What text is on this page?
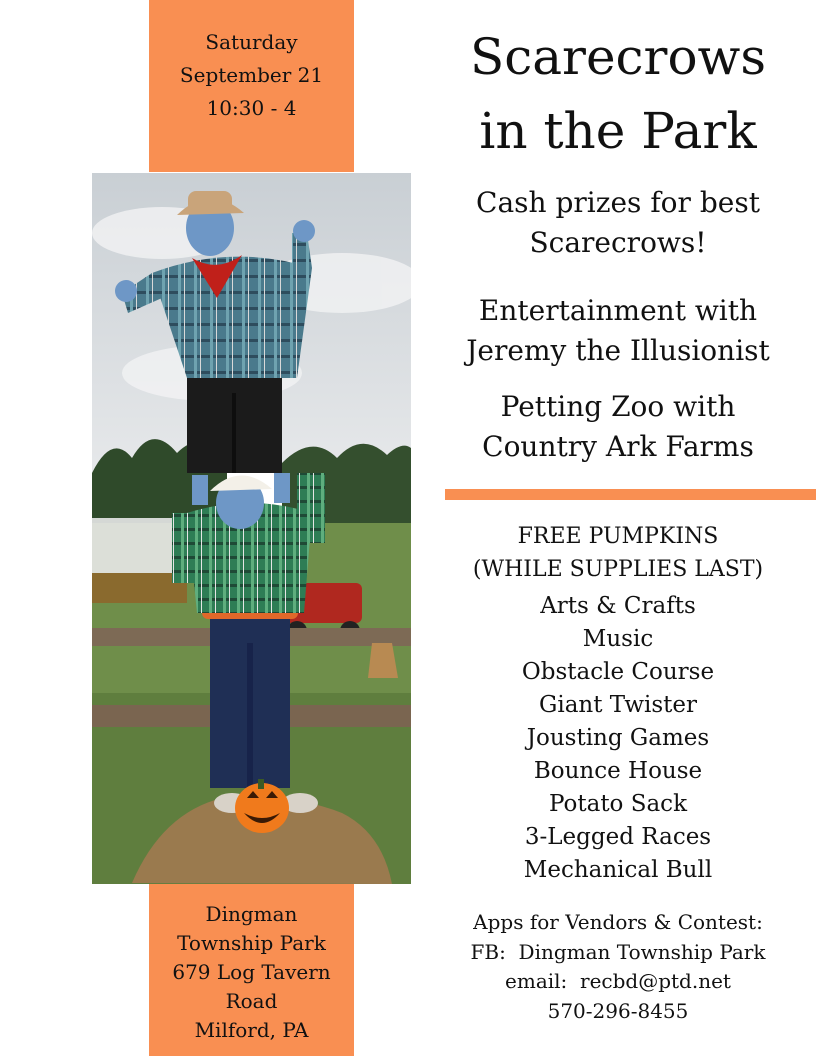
Saturday
September 21
10:30 - 4

Dingman
Township Park
679 Log Tavern
Road
Milford, PA

Scarecrows
in the Park

Cash prizes for best
Scarecrows!

Entertainment with
Jeremy the Illusionist

Petting Zoo with
Country Ark Farms

FREE PUMPKINS
(WHILE SUPPLIES LAST)
Arts & Crafts
Music
Obstacle Course
Giant Twister
Jousting Games
Bounce House
Potato Sack
3-Legged Races
Mechanical Bull
Apps for Vendors & Contest:
FB:  Dingman Township Park
email:  recbd@ptd.net
570-296-8455
